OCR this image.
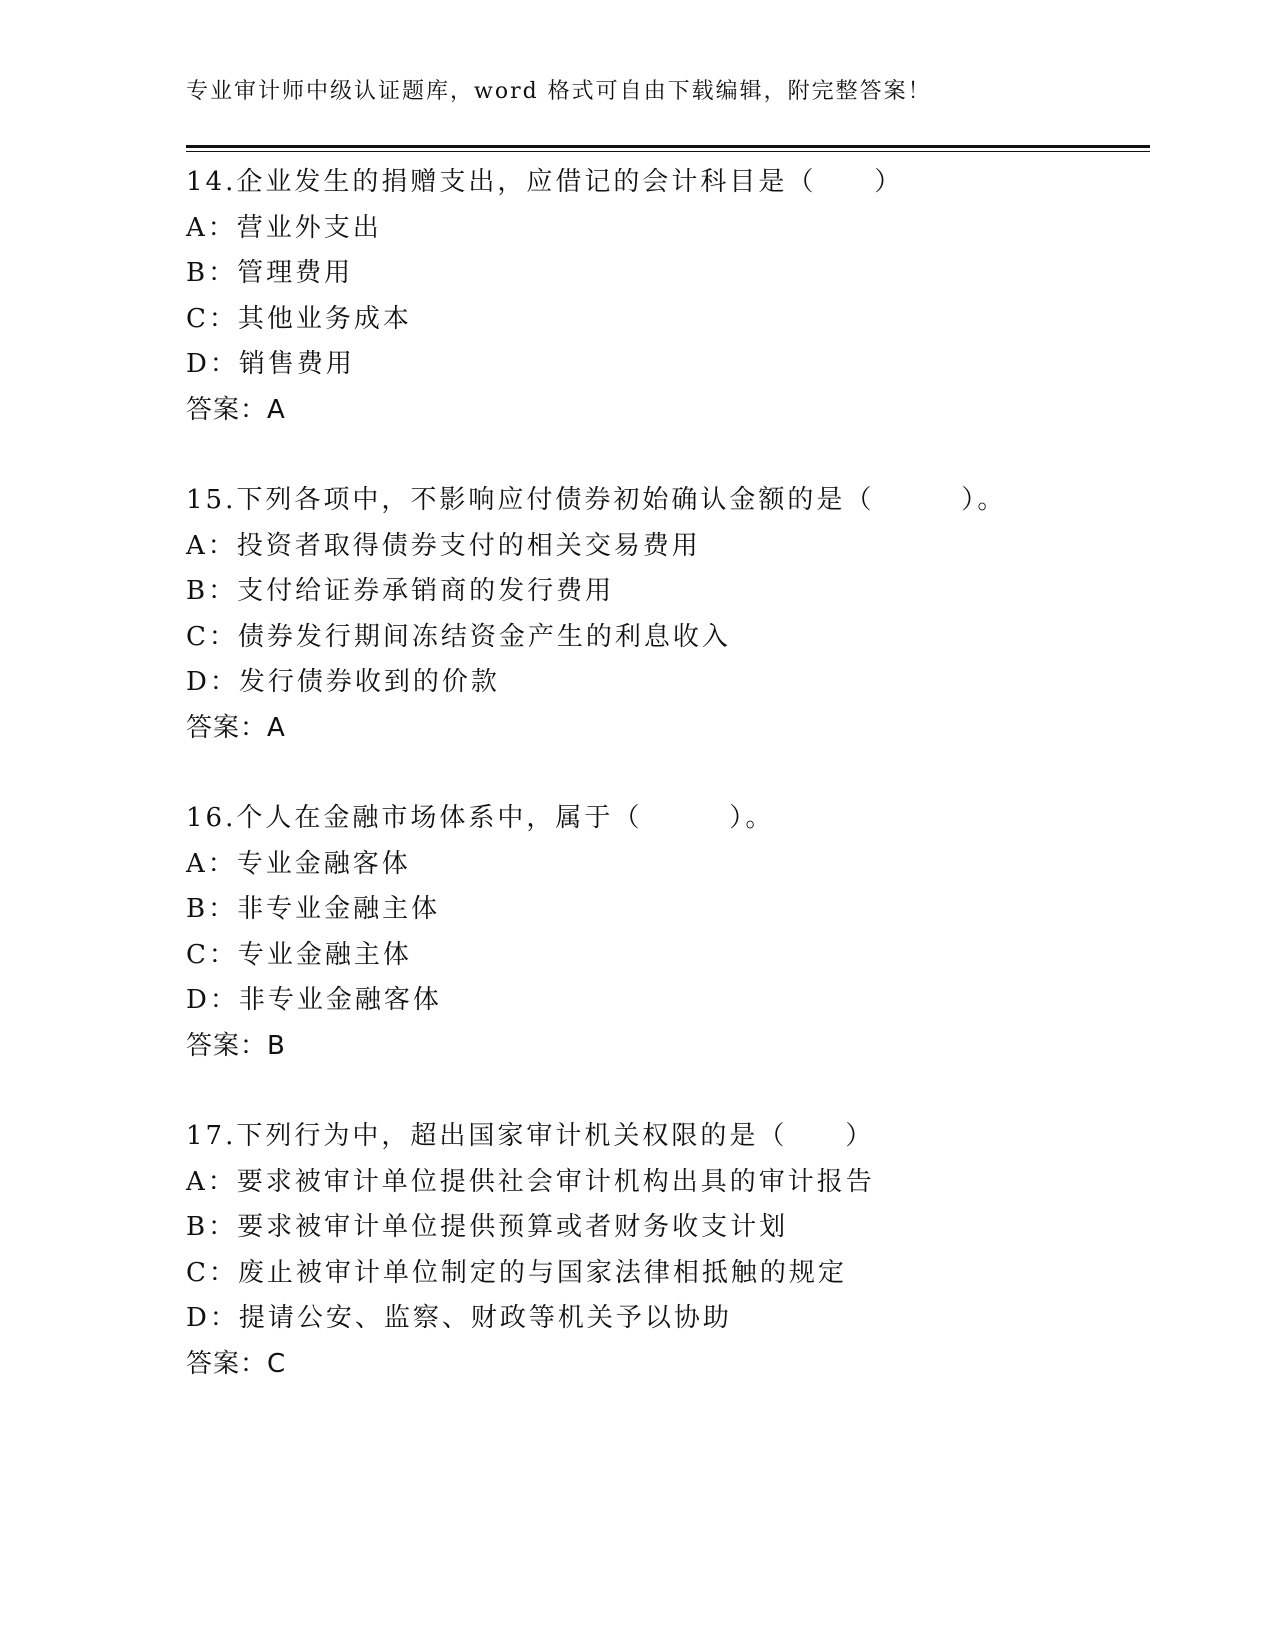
专业审计师中级认证题库，word 格式可自由下载编辑，附完整答案！
14.企业发生的捐赠支出，应借记的会计科目是（　　）
A：营业外支出
B：管理费用
C：其他业务成本
D：销售费用
答案：A
15.下列各项中，不影响应付债券初始确认金额的是（　　　）。
A：投资者取得债券支付的相关交易费用
B：支付给证券承销商的发行费用
C：债券发行期间冻结资金产生的利息收入
D：发行债券收到的价款
答案：A
16.个人在金融市场体系中，属于（　　　）。
A：专业金融客体
B：非专业金融主体
C：专业金融主体
D：非专业金融客体
答案：B
17.下列行为中，超出国家审计机关权限的是（　　）
A：要求被审计单位提供社会审计机构出具的审计报告
B：要求被审计单位提供预算或者财务收支计划
C：废止被审计单位制定的与国家法律相抵触的规定
D：提请公安、监察、财政等机关予以协助
答案：C
